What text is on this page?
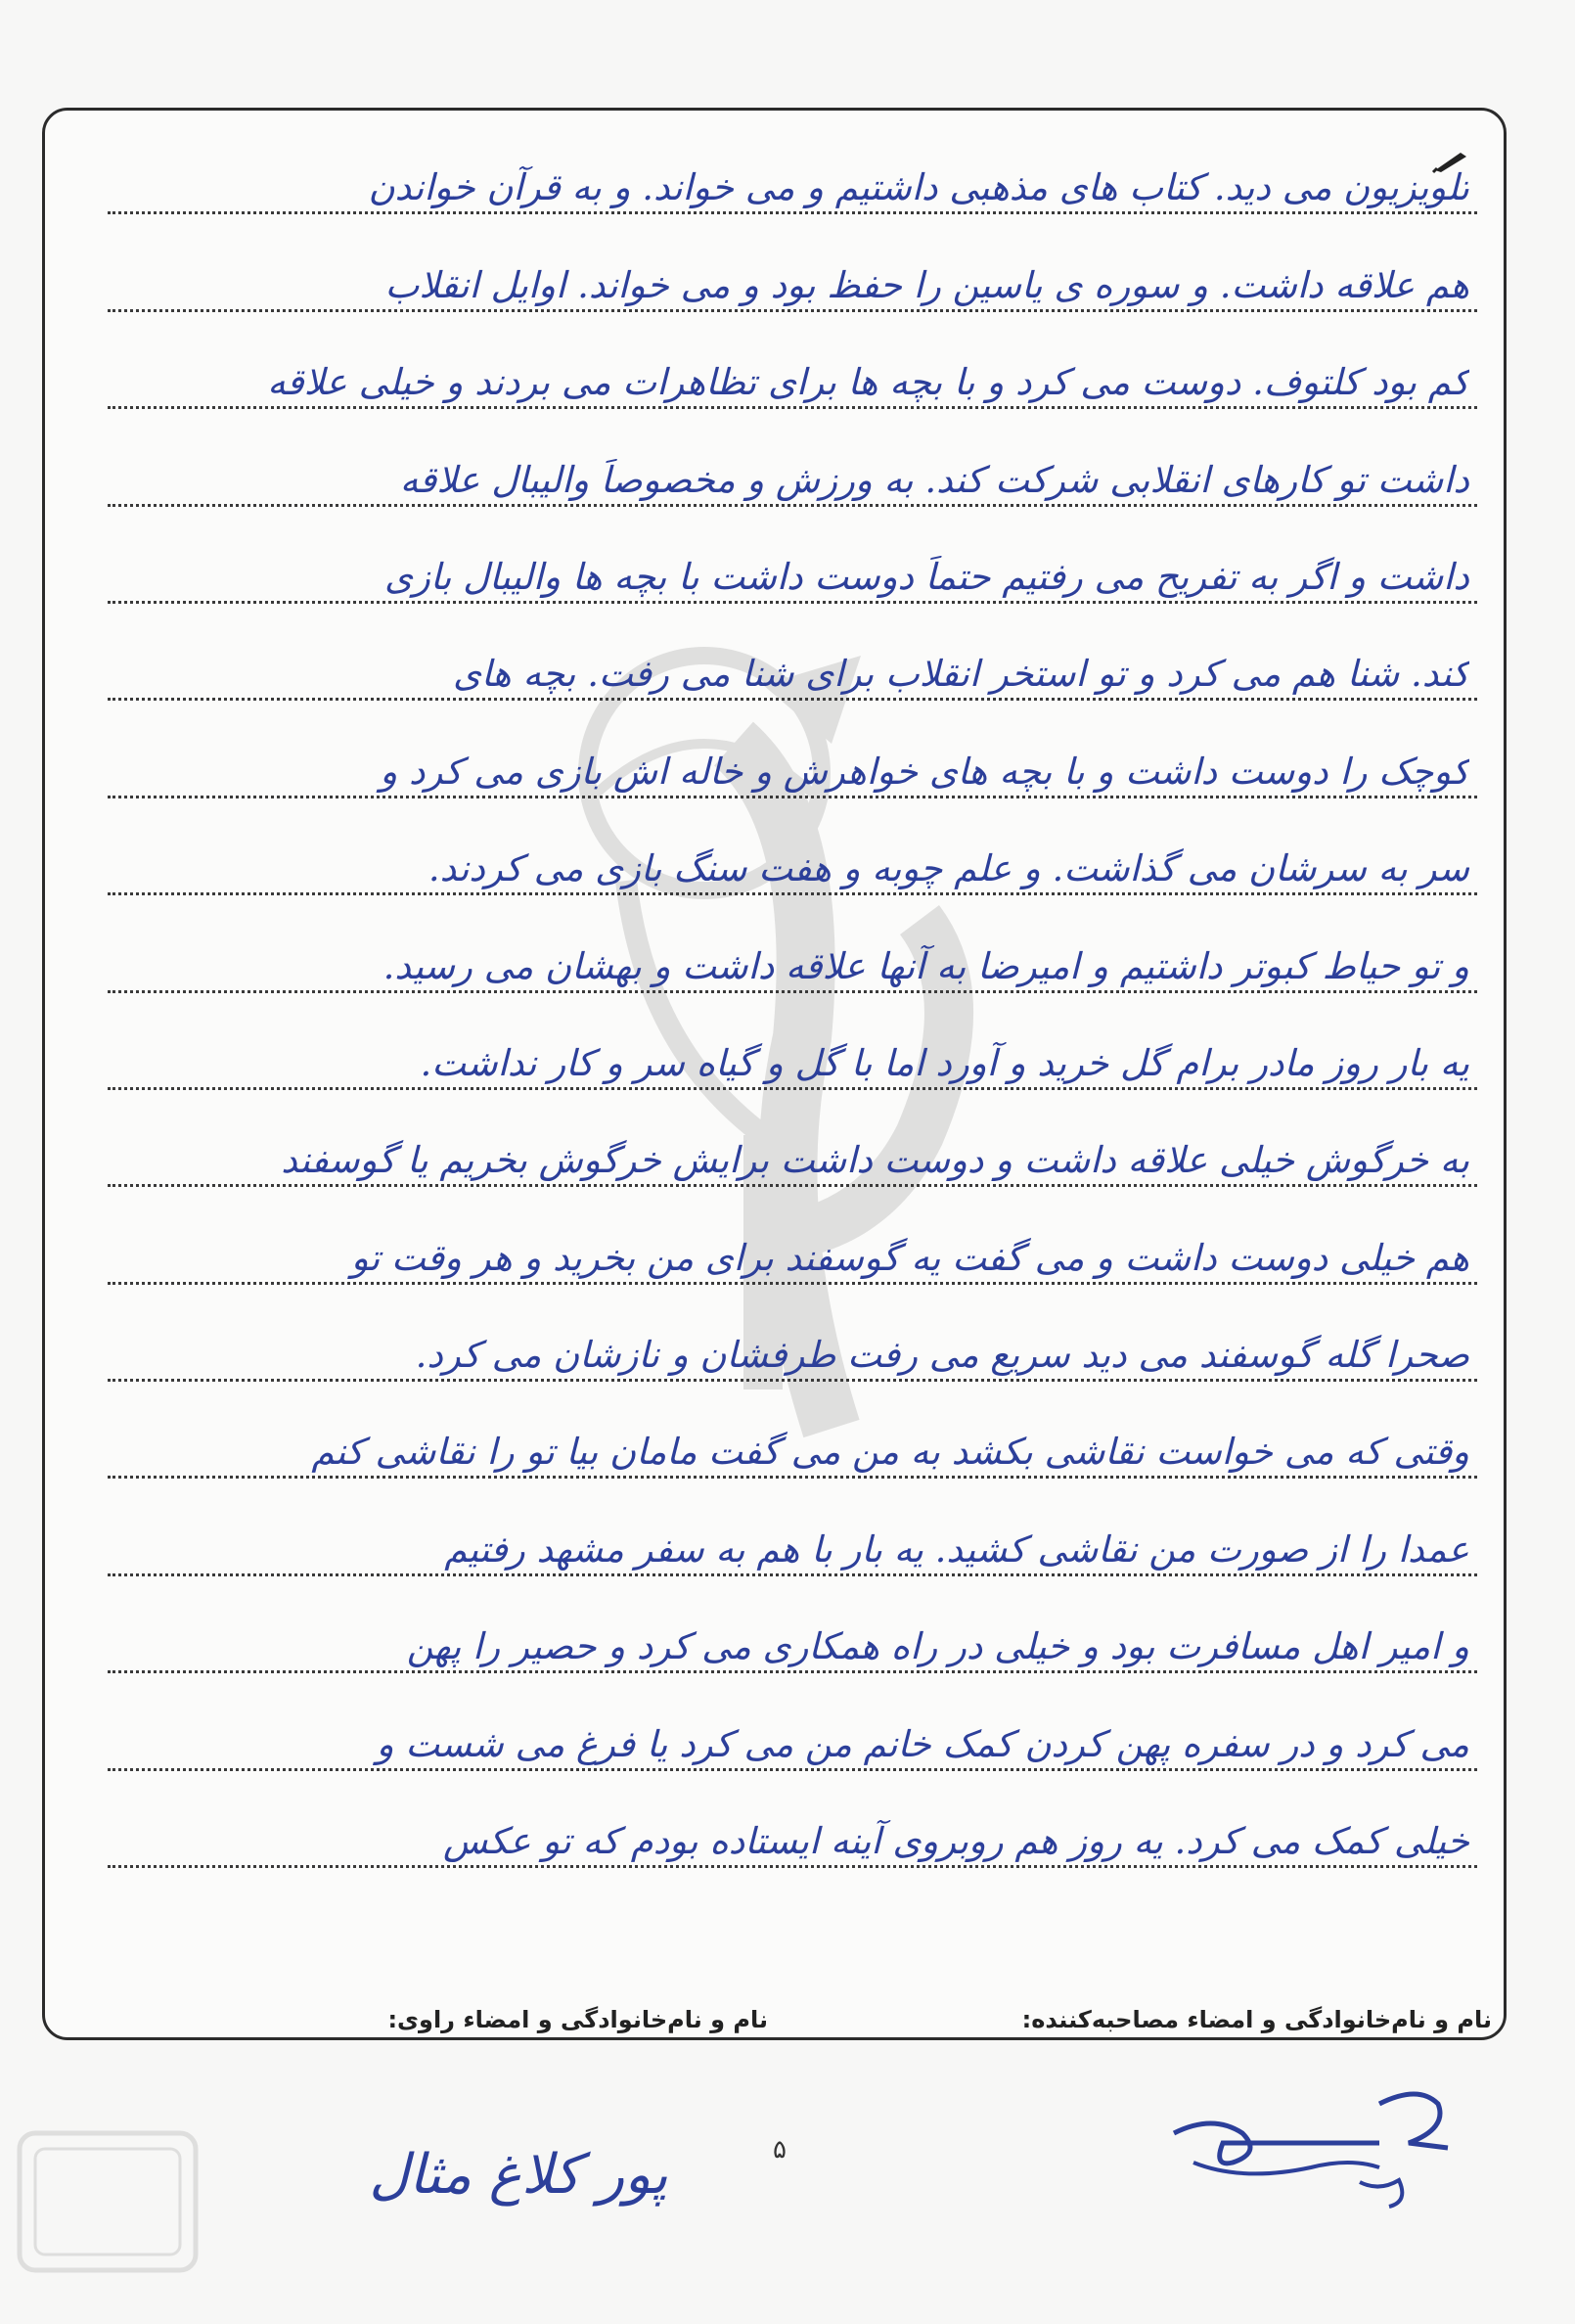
تلویزیون می دید. کتاب های مذهبی داشتیم و می خواند. و به قرآن خواندن
هم علاقه داشت. و سوره ی یاسین را حفظ بود و می خواند. اوایل انقلاب
کم بود کلتوف. دوست می کرد و با بچه ها برای تظاهرات می بردند و خیلی علاقه
داشت تو کارهای انقلابی شرکت کند. به ورزش و مخصوصاً والیبال علاقه
داشت و اگر به تفریح می رفتیم حتماً دوست داشت با بچه ها والیبال بازی
کند. شنا هم می کرد و تو استخر انقلاب برای شنا می رفت. بچه های
کوچک را دوست داشت و با بچه های خواهرش و خاله اش بازی می کرد و
سر به سرشان می گذاشت. و علم چوبه و هفت سنگ بازی می کردند.
و تو حیاط کبوتر داشتیم و امیرضا به آنها علاقه داشت و بهشان می رسید.
یه بار روز مادر برام گل خرید و آورد اما با گل و گیاه سر و کار نداشت.
به خرگوش خیلی علاقه داشت و دوست داشت برایش خرگوش بخریم یا گوسفند
هم خیلی دوست داشت و می گفت یه گوسفند برای من بخرید و هر وقت تو
صحرا گله گوسفند می دید سریع می رفت طرفشان و نازشان می کرد.
وقتی که می خواست نقاشی بکشد به من می گفت مامان بیا تو را نقاشی کنم
عمدا را از صورت من نقاشی کشید. یه بار با هم به سفر مشهد رفتیم
و امیر اهل مسافرت بود و خیلی در راه همکاری می کرد و حصیر را پهن
می کرد و در سفره پهن کردن کمک خانم من می کرد یا فرغ می شست و
خیلی کمک می کرد. یه روز هم روبروی آینه ایستاده بودم که تو عکس
نام و نام‌خانوادگی و امضاء مصاحبه‌کننده:
نام و نام‌خانوادگی و امضاء راوی:
۵
پور کلاغ مثال
